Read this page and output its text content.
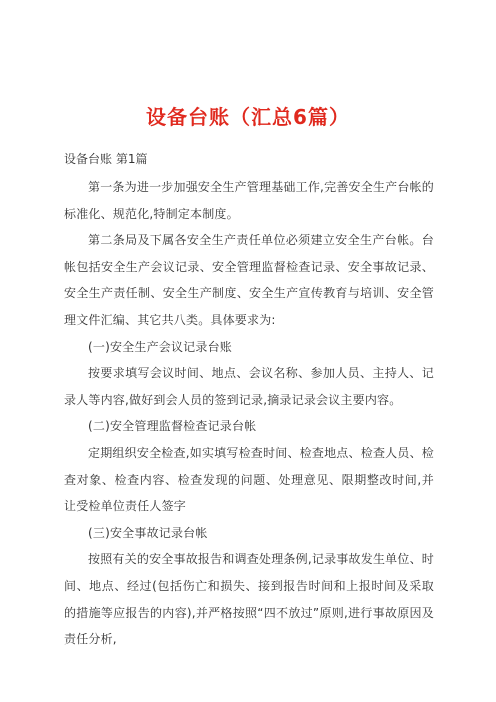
设备台账（汇总6篇）
设备台账 第1篇

第一条为进一步加强安全生产管理基础工作,完善安全生产台帐的标准化、规范化,特制定本制度。

第二条局及下属各安全生产责任单位必须建立安全生产台帐。台帐包括安全生产会议记录、安全管理监督检查记录、安全事故记录、安全生产责任制、安全生产制度、安全生产宣传教育与培训、安全管理文件汇编、其它共八类。具体要求为:

(一)安全生产会议记录台账

按要求填写会议时间、地点、会议名称、参加人员、主持人、记录人等内容,做好到会人员的签到记录,摘录记录会议主要内容。

(二)安全管理监督检查记录台帐

定期组织安全检查,如实填写检查时间、检查地点、检查人员、检查对象、检查内容、检查发现的问题、处理意见、限期整改时间,并让受检单位责任人签字

(三)安全事故记录台帐

按照有关的安全事故报告和调查处理条例,记录事故发生单位、时间、地点、经过(包括伤亡和损失、接到报告时间和上报时间及采取的措施等应报告的内容),并严格按照“四不放过”原则,进行事故原因及责任分析,
